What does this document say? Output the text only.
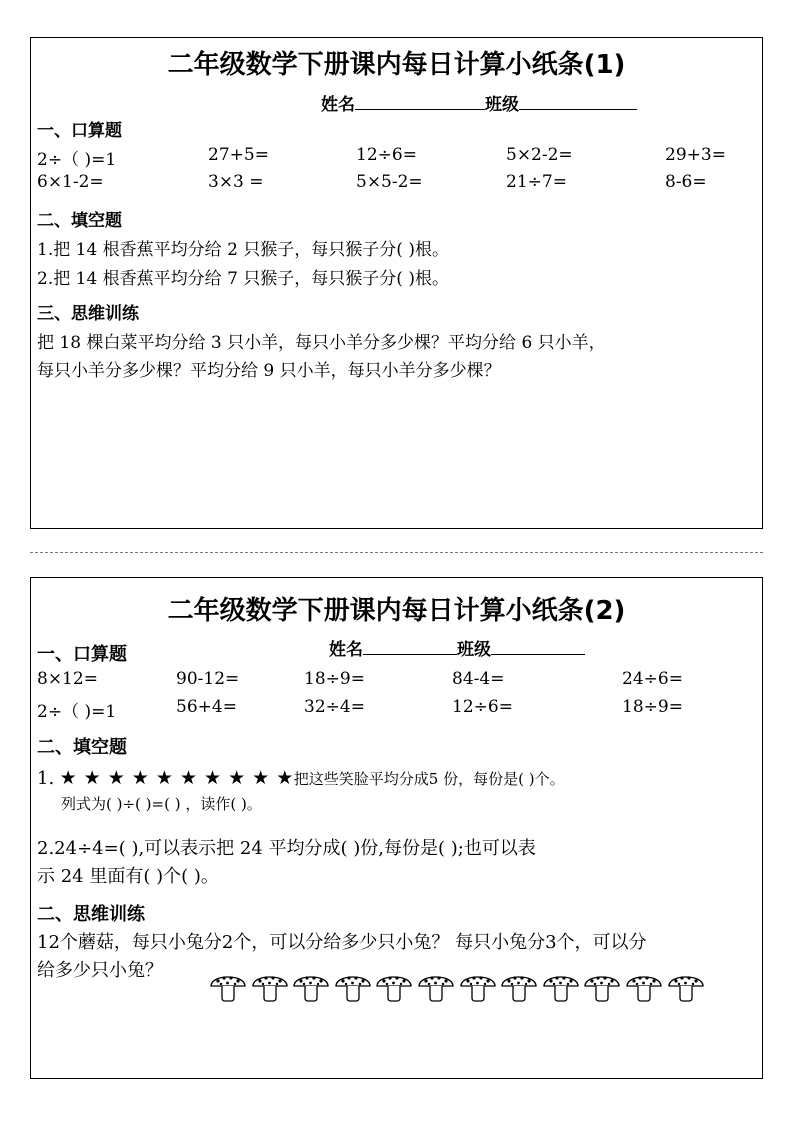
二年级数学下册课内每日计算小纸条(1)
姓名	班级
一、口算题
2÷（ )=1	27+5=	12÷6=	5×2-2=	29+3=
6×1-2=	3×3 =	5×5-2=	21÷7=	8-6=
二、填空题
1.把 14 根香蕉平均分给 2 只猴子，每只猴子分( )根。
2.把 14 根香蕉平均分给 7 只猴子，每只猴子分( )根。
三、思维训练
把 18 棵白菜平均分给 3 只小羊，每只小羊分多少棵？平均分给 6 只小羊，
每只小羊分多少棵？平均分给 9 只小羊，每只小羊分多少棵？
二年级数学下册课内每日计算小纸条(2)
姓名	班级
一、口算题
8×12=	90-12=	18÷9=	84-4=	24÷6=
2÷（ )=1	56+4=	32÷4=	12÷6=	18÷9=
二、填空题
1. ★ ★ ★ ★ ★ ★ ★ ★ ★ ★把这些笑脸平均分成5 份，每份是( )个。
列式为( )÷( )=( ) ，读作( )。
2.24÷4=( ),可以表示把 24 平均分成( )份,每份是( );也可以表
示 24 里面有( )个( )。
二、思维训练
12个蘑菇，每只小兔分2个，可以分给多少只小兔？ 每只小兔分3个，可以分
给多少只小兔？
